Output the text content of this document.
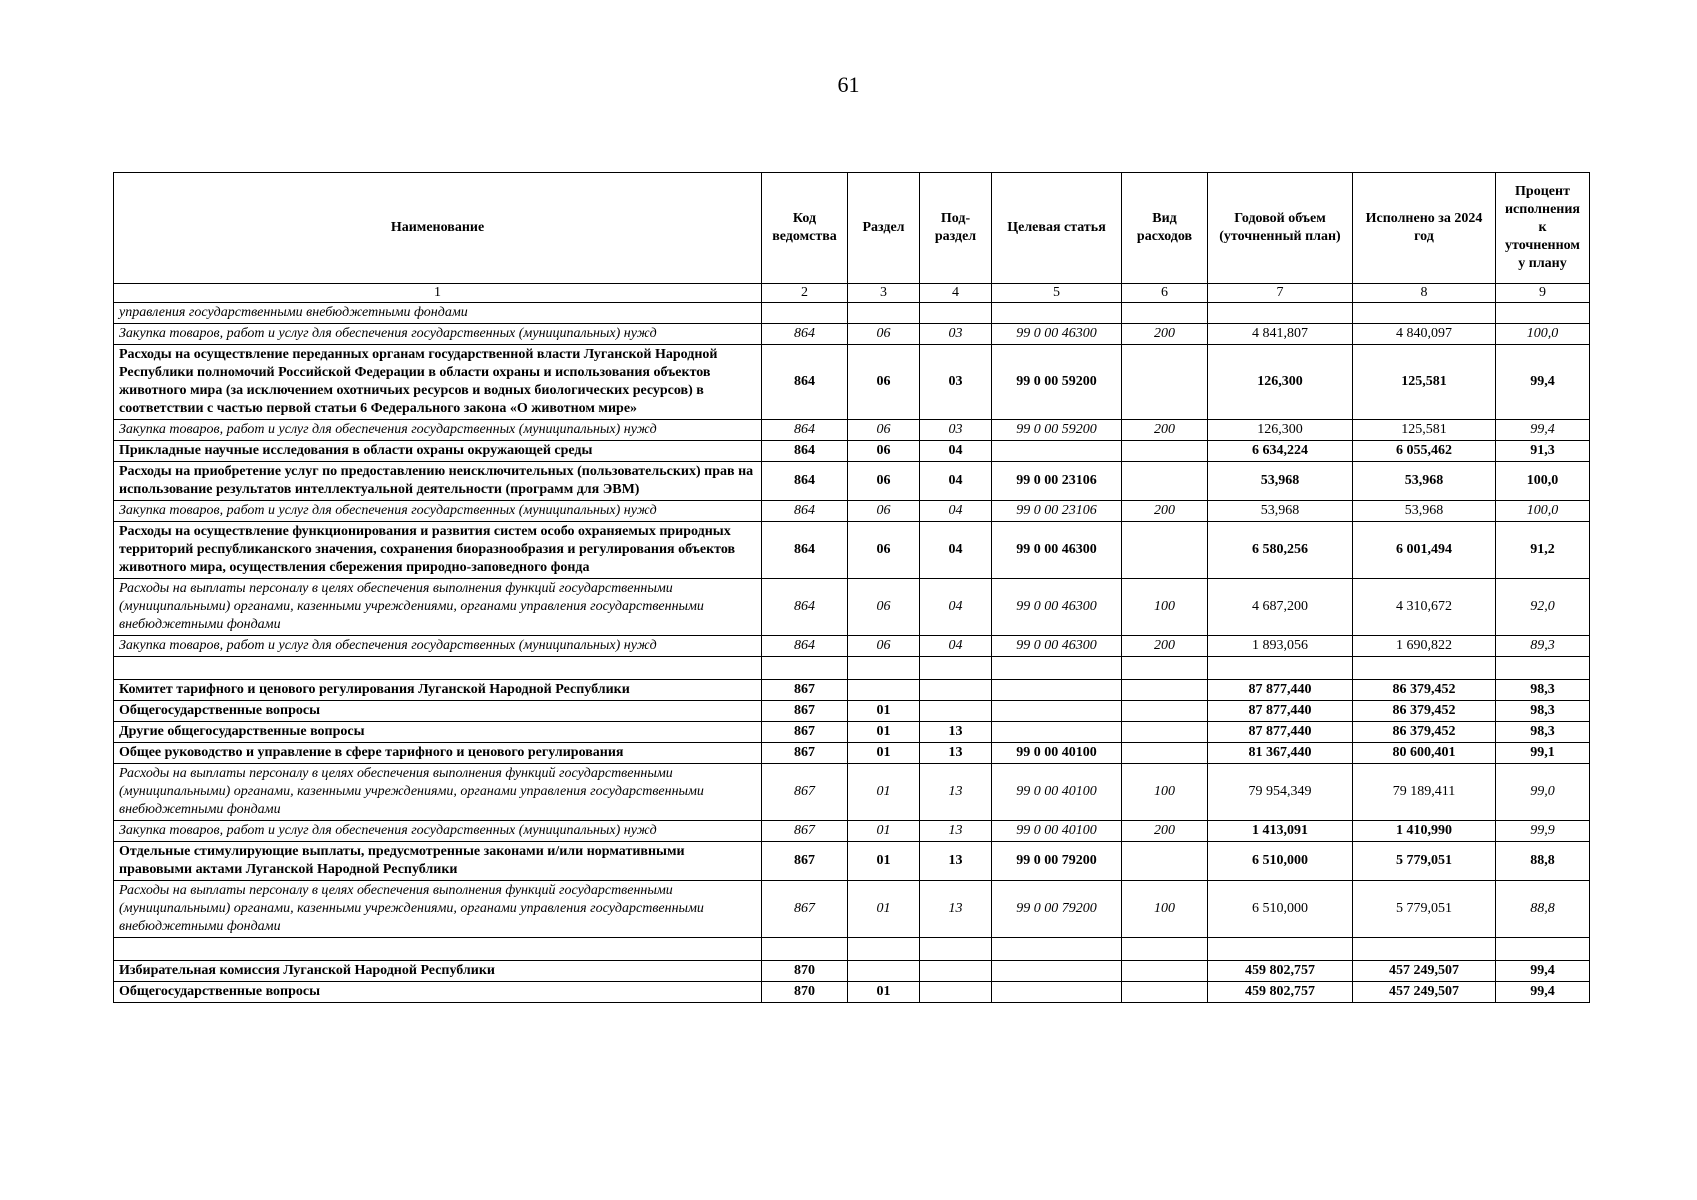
61
Наименование	Код ведомства	Раздел	Под-раздел	Целевая статья	Вид расходов	Годовой объем (уточненный план)	Исполнено за 2024 год	Процент исполнения к уточненном у плану
1	2	3	4	5	6	7	8	9
управления государственными внебюджетными фондами								
Закупка товаров, работ и услуг для обеспечения государственных (муниципальных) нужд	864	06	03	99 0 00 46300	200	4 841,807	4 840,097	100,0
Расходы на осуществление переданных органам государственной власти Луганской Народной Республики полномочий Российской Федерации в области охраны и использования объектов животного мира (за исключением охотничьих ресурсов и водных биологических ресурсов) в соответствии с частью первой статьи 6 Федерального закона «О животном мире»	864	06	03	99 0 00 59200		126,300	125,581	99,4
Закупка товаров, работ и услуг для обеспечения государственных (муниципальных) нужд	864	06	03	99 0 00 59200	200	126,300	125,581	99,4
Прикладные научные исследования в области охраны окружающей среды	864	06	04			6 634,224	6 055,462	91,3
Расходы на приобретение услуг по предоставлению неисключительных (пользовательских) прав на использование результатов интеллектуальной деятельности (программ для ЭВМ)	864	06	04	99 0 00 23106		53,968	53,968	100,0
Закупка товаров, работ и услуг для обеспечения государственных (муниципальных) нужд	864	06	04	99 0 00 23106	200	53,968	53,968	100,0
Расходы на осуществление функционирования и развития систем особо охраняемых природных территорий республиканского значения, сохранения биоразнообразия и регулирования объектов животного мира, осуществления сбережения природно-заповедного фонда	864	06	04	99 0 00 46300		6 580,256	6 001,494	91,2
Расходы на выплаты персоналу в целях обеспечения выполнения функций государственными (муниципальными) органами, казенными учреждениями, органами управления государственными внебюджетными фондами	864	06	04	99 0 00 46300	100	4 687,200	4 310,672	92,0
Закупка товаров, работ и услуг для обеспечения государственных (муниципальных) нужд	864	06	04	99 0 00 46300	200	1 893,056	1 690,822	89,3

Комитет тарифного и ценового регулирования Луганской Народной Республики	867					87 877,440	86 379,452	98,3
Общегосударственные вопросы	867	01				87 877,440	86 379,452	98,3
Другие общегосударственные вопросы	867	01	13			87 877,440	86 379,452	98,3
Общее руководство и управление в сфере тарифного и ценового регулирования	867	01	13	99 0 00 40100		81 367,440	80 600,401	99,1
Расходы на выплаты персоналу в целях обеспечения выполнения функций государственными (муниципальными) органами, казенными учреждениями, органами управления государственными внебюджетными фондами	867	01	13	99 0 00 40100	100	79 954,349	79 189,411	99,0
Закупка товаров, работ и услуг для обеспечения государственных (муниципальных) нужд	867	01	13	99 0 00 40100	200	1 413,091	1 410,990	99,9
Отдельные стимулирующие выплаты, предусмотренные законами и/или нормативными правовыми актами Луганской Народной Республики	867	01	13	99 0 00 79200		6 510,000	5 779,051	88,8
Расходы на выплаты персоналу в целях обеспечения выполнения функций государственными (муниципальными) органами, казенными учреждениями, органами управления государственными внебюджетными фондами	867	01	13	99 0 00 79200	100	6 510,000	5 779,051	88,8

Избирательная комиссия Луганской Народной Республики	870					459 802,757	457 249,507	99,4
Общегосударственные вопросы	870	01				459 802,757	457 249,507	99,4
